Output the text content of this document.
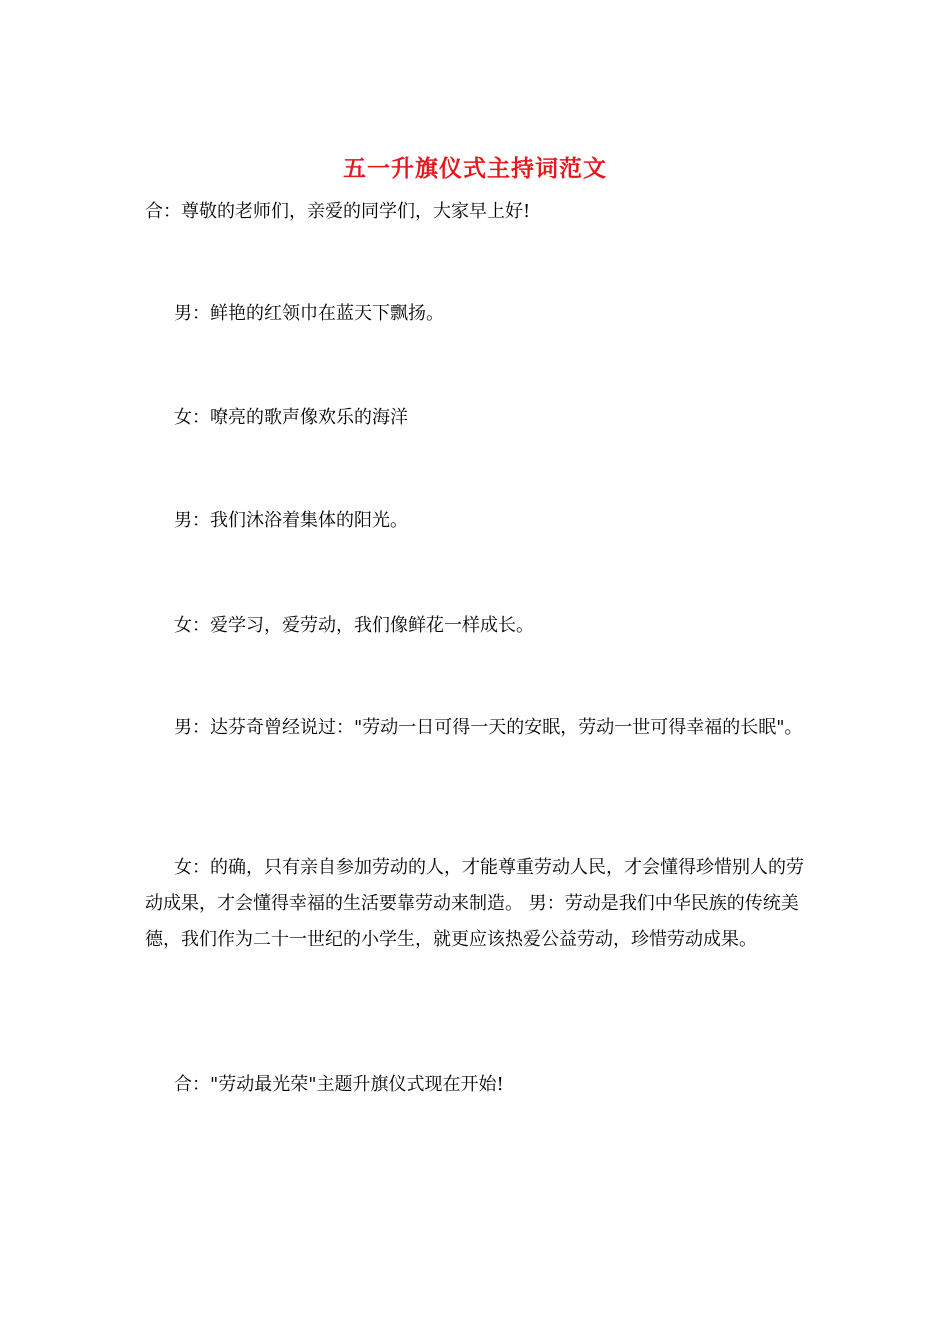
五一升旗仪式主持词范文
合：尊敬的老师们，亲爱的同学们，大家早上好!
男：鲜艳的红领巾在蓝天下飘扬。
女：嘹亮的歌声像欢乐的海洋
男：我们沐浴着集体的阳光。
女：爱学习，爱劳动，我们像鲜花一样成长。
男：达芬奇曾经说过："劳动一日可得一天的安眠，劳动一世可得幸福的长眠"。
女：的确，只有亲自参加劳动的人，才能尊重劳动人民，才会懂得珍惜别人的劳动成果，才会懂得幸福的生活要靠劳动来制造。 男：劳动是我们中华民族的传统美德，我们作为二十一世纪的小学生，就更应该热爱公益劳动，珍惜劳动成果。
合："劳动最光荣"主题升旗仪式现在开始!
